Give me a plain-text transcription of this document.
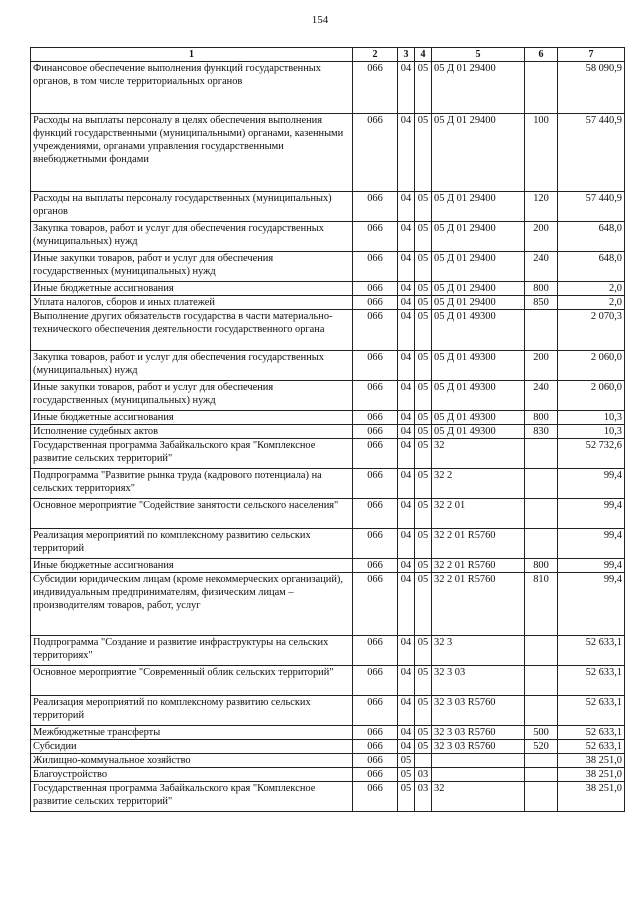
154
1	2	3	4	5	6	7
Финансовое обеспечение выполнения функций государственных органов, в том числе территориальных органов	066	04	05	05 Д 01 29400		58 090,9
Расходы на выплаты персоналу в целях обеспечения выполнения функций государственными (муниципальными) органами, казенными учреждениями, органами управления государственными внебюджетными фондами	066	04	05	05 Д 01 29400	100	57 440,9
Расходы на выплаты персоналу государственных (муниципальных) органов	066	04	05	05 Д 01 29400	120	57 440,9
Закупка товаров, работ и услуг для обеспечения государственных (муниципальных) нужд	066	04	05	05 Д 01 29400	200	648,0
Иные закупки товаров, работ и услуг для обеспечения государственных (муниципальных) нужд	066	04	05	05 Д 01 29400	240	648,0
Иные бюджетные ассигнования	066	04	05	05 Д 01 29400	800	2,0
Уплата налогов, сборов и иных платежей	066	04	05	05 Д 01 29400	850	2,0
Выполнение других обязательств государства в части материально-технического обеспечения деятельности государственного органа	066	04	05	05 Д 01 49300		2 070,3
Закупка товаров, работ и услуг для обеспечения государственных (муниципальных) нужд	066	04	05	05 Д 01 49300	200	2 060,0
Иные закупки товаров, работ и услуг для обеспечения государственных (муниципальных) нужд	066	04	05	05 Д 01 49300	240	2 060,0
Иные бюджетные ассигнования	066	04	05	05 Д 01 49300	800	10,3
Исполнение судебных актов	066	04	05	05 Д 01 49300	830	10,3
Государственная программа Забайкальского края "Комплексное развитие сельских территорий"	066	04	05	32		52 732,6
Подпрограмма "Развитие рынка труда (кадрового потенциала) на сельских территориях"	066	04	05	32 2		99,4
Основное мероприятие "Содействие занятости сельского населения"	066	04	05	32 2 01		99,4
Реализация мероприятий по комплексному развитию сельских территорий	066	04	05	32 2 01 R5760		99,4
Иные бюджетные ассигнования	066	04	05	32 2 01 R5760	800	99,4
Субсидии юридическим лицам (кроме некоммерческих организаций), индивидуальным предпринимателям, физическим лицам – производителям товаров, работ, услуг	066	04	05	32 2 01 R5760	810	99,4
Подпрограмма "Создание и развитие инфраструктуры на сельских территориях"	066	04	05	32 3		52 633,1
Основное мероприятие "Современный облик сельских территорий"	066	04	05	32 3 03		52 633,1
Реализация мероприятий по комплексному развитию сельских территорий	066	04	05	32 3 03 R5760		52 633,1
Межбюджетные трансферты	066	04	05	32 3 03 R5760	500	52 633,1
Субсидии	066	04	05	32 3 03 R5760	520	52 633,1
Жилищно-коммунальное хозяйство	066	05				38 251,0
Благоустройство	066	05	03			38 251,0
Государственная программа Забайкальского края "Комплексное развитие сельских территорий"	066	05	03	32		38 251,0
